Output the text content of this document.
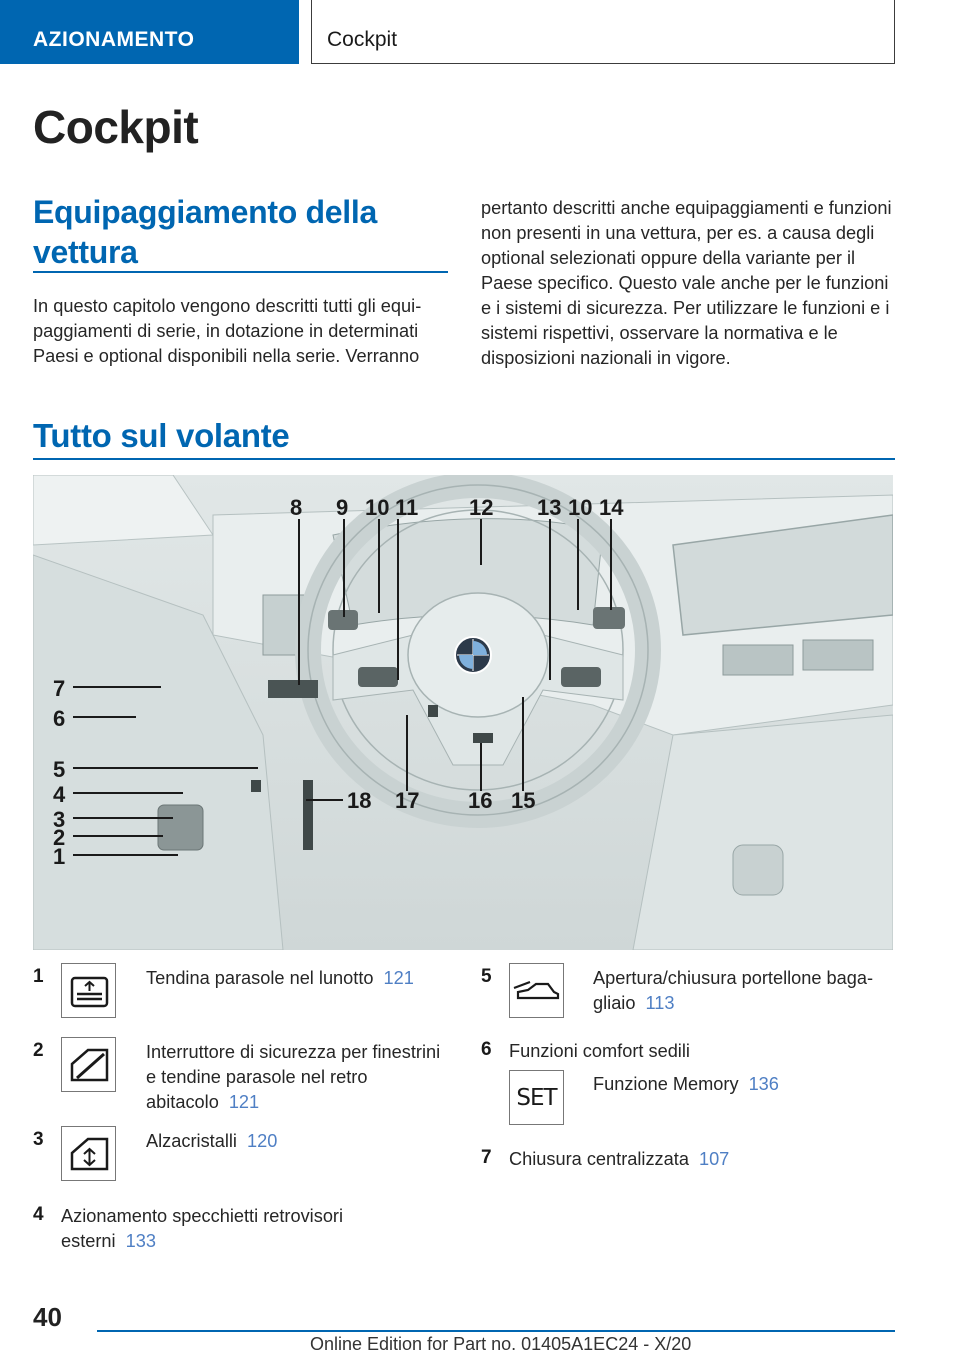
AZIONAMENTO	Cockpit
Cockpit
Equipaggiamento della vettura
In questo capitolo vengono descritti tutti gli equipaggiamenti di serie, in dotazione in determinati Paesi e optional disponibili nella serie. Verranno
pertanto descritti anche equipaggiamenti e funzioni non presenti in una vettura, per es. a causa degli optional selezionati oppure della variante per il Paese specifico. Questo vale anche per le funzioni e i sistemi di sicurezza. Per utilizzare le funzioni e i sistemi rispettivi, osservare la normativa e le disposizioni nazionali in vigore.
Tutto sul volante
8 9 10 11 12 13 10 14
7
6
5
4
3
2
1
18 17 16 15
1	Tendina parasole nel lunotto 121
2	Interruttore di sicurezza per finestrini e tendine parasole nel retro abitacolo 121
3	Alzacristalli 120
4 Azionamento specchietti retrovisori esterni 133
5	Apertura/chiusura portellone bagagliaio 113
6 Funzioni comfort sedili
SET
Funzione Memory 136
7 Chiusura centralizzata 107
40
Online Edition for Part no. 01405A1EC24 - X/20
